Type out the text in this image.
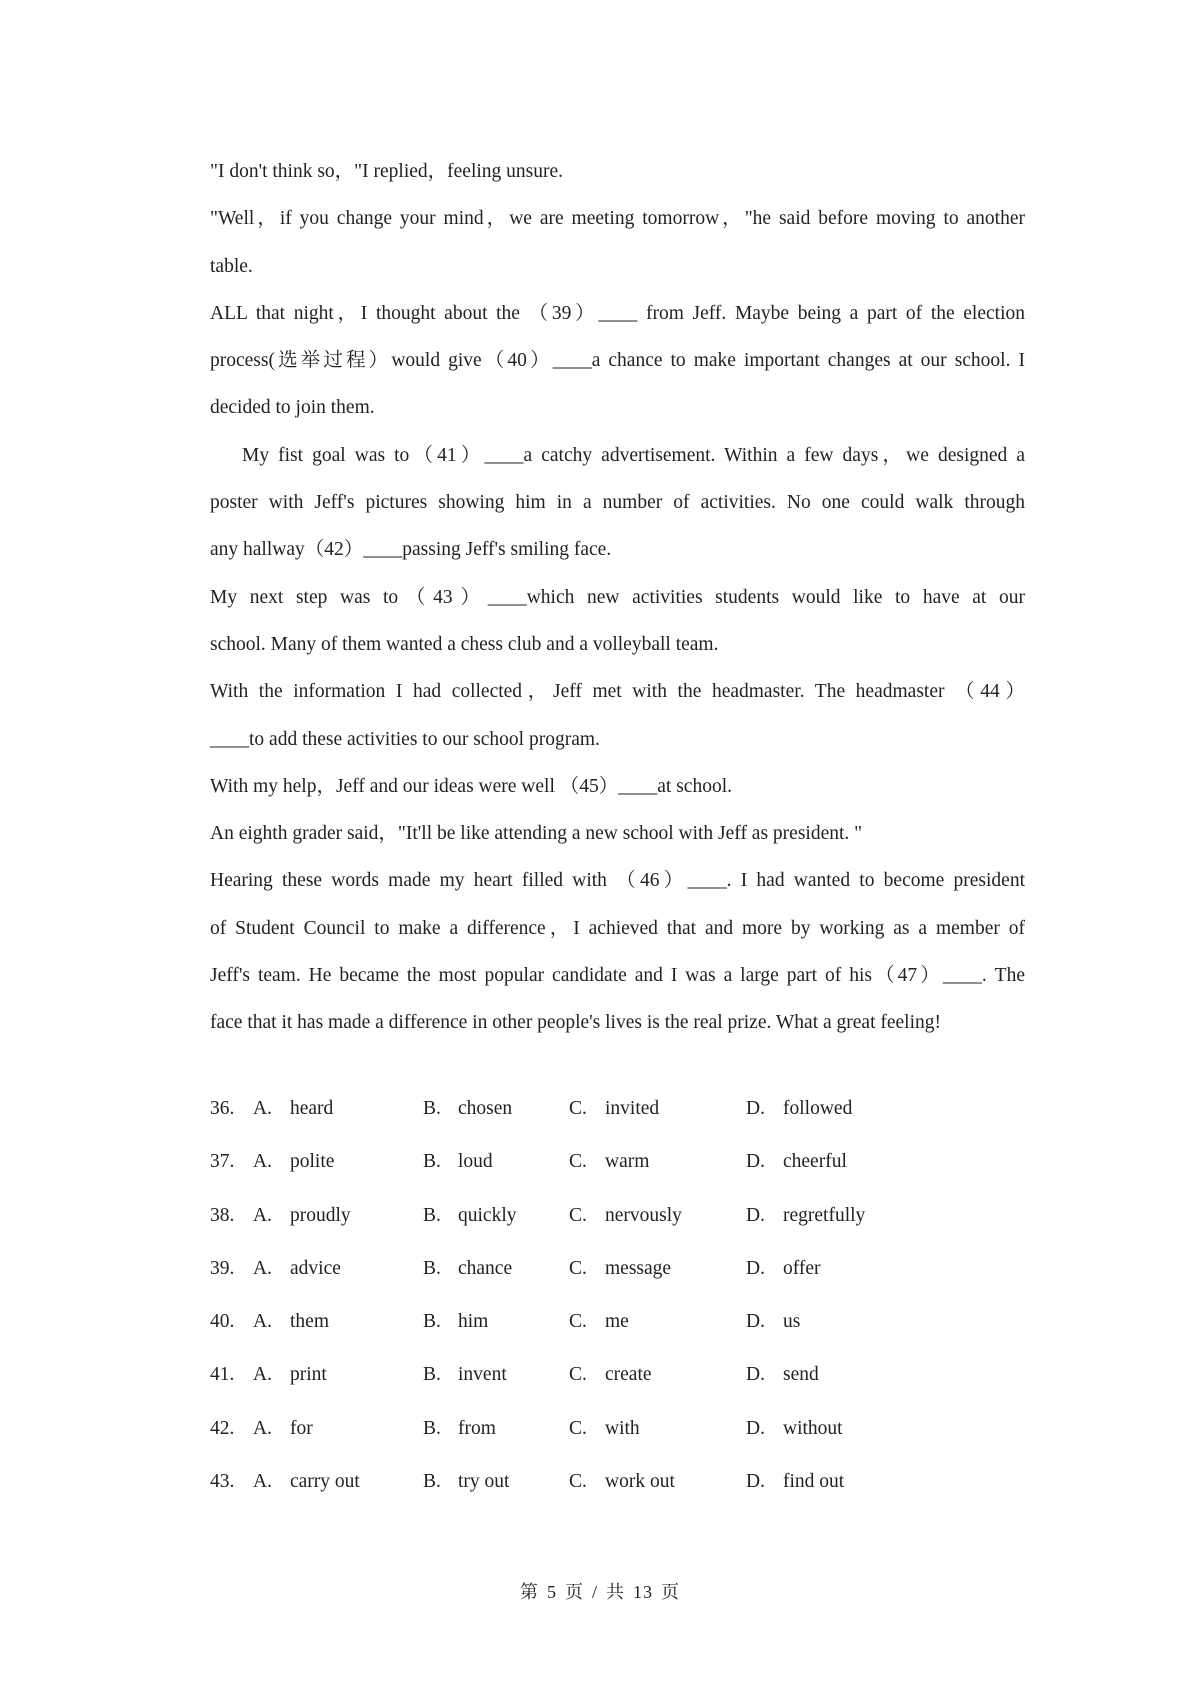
"I don't think so，"I replied，feeling unsure.
"Well，if you change your mind，we are meeting tomorrow，"he said before moving to another
table.
ALL that night，I thought about the （39）____ from Jeff. Maybe being a part of the election
process(选举过程）would give（40）____a chance to make important changes at our school. I
decided to join them.
My fist goal was to（41）____a catchy advertisement. Within a few days，we designed a
poster with Jeff's pictures showing him in a number of activities. No one could walk through
any hallway（42）____passing Jeff's smiling face.
My next step was to（43）____which new activities students would like to have at our
school. Many of them wanted a chess club and a volleyball team.
With the information I had collected，Jeff met with the headmaster. The headmaster （44）
____to add these activities to our school program.
With my help，Jeff and our ideas were well （45）____at school.
An eighth grader said，"It'll be like attending a new school with Jeff as president. "
Hearing these words made my heart filled with （46）____. I had wanted to become president
of Student Council to make a difference，I achieved that and more by working as a member of
Jeff's team. He became the most popular candidate and I was a large part of his（47）____. The
face that it has made a difference in other people's lives is the real prize. What a great feeling!
36. A. heard	B. chosen	C. invited	D. followed
37. A. polite	B. loud	C. warm	D. cheerful
38. A. proudly	B. quickly	C. nervously	D. regretfully
39. A. advice	B. chance	C. message	D. offer
40. A. them	B. him	C. me	D. us
41. A. print	B. invent	C. create	D. send
42. A. for	B. from	C. with	D. without
43. A. carry out	B. try out	C. work out	D. find out
第 5 页 / 共 13 页
